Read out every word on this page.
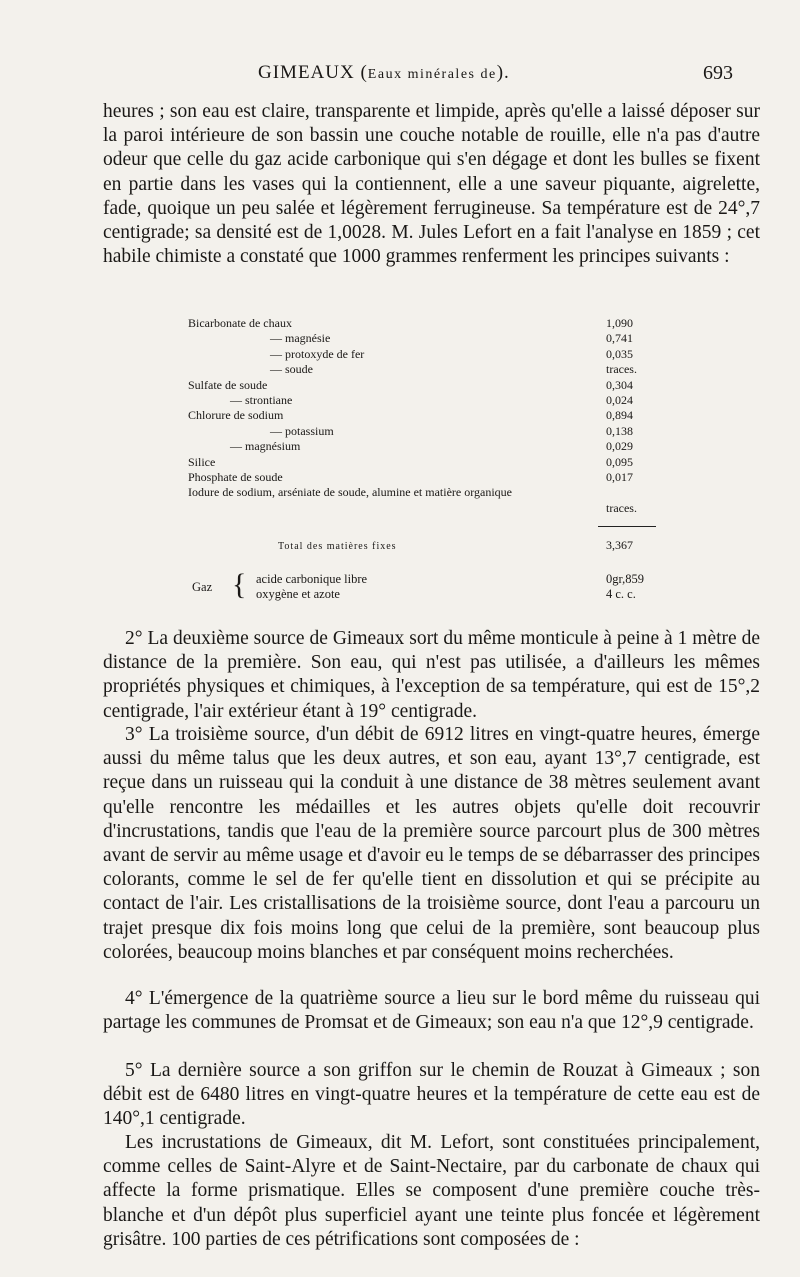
GIMEAUX (Eaux minérales de).	693

heures ; son eau est claire, transparente et limpide, après qu'elle a laissé déposer sur la paroi intérieure de son bassin une couche notable de rouille, elle n'a pas d'autre odeur que celle du gaz acide carbonique qui s'en dégage et dont les bulles se fixent en partie dans les vases qui la contiennent, elle a une saveur piquante, aigrelette, fade, quoique un peu salée et légèrement ferrugineuse. Sa température est de 24°,7 centigrade; sa densité est de 1,0028. M. Jules Lefort en a fait l'analyse en 1859 ; cet habile chimiste a constaté que 1000 grammes renferment les principes suivants :

Bicarbonate de chaux	1,090
— magnésie	0,741
— protoxyde de fer	0,035
— soude	traces.
Sulfate de soude	0,304
— strontiane	0,024
Chlorure de sodium	0,894
— potassium	0,138
— magnésium	0,029
Silice	0,095
Phosphate de soude	0,017
Iodure de sodium, arséniate de soude, alumine et matière organique
traces.
Total des matières fixes	3,367
Gaz { acide carbonique libre	0gr,859
oxygène et azote	4 c. c.

2° La deuxième source de Gimeaux sort du même monticule à peine à 1 mètre de distance de la première. Son eau, qui n'est pas utilisée, a d'ailleurs les mêmes propriétés physiques et chimiques, à l'exception de sa température, qui est de 15°,2 centigrade, l'air extérieur étant à 19° centigrade.

3° La troisième source, d'un débit de 6912 litres en vingt-quatre heures, émerge aussi du même talus que les deux autres, et son eau, ayant 13°,7 centigrade, est reçue dans un ruisseau qui la conduit à une distance de 38 mètres seulement avant qu'elle rencontre les médailles et les autres objets qu'elle doit recouvrir d'incrustations, tandis que l'eau de la première source parcourt plus de 300 mètres avant de servir au même usage et d'avoir eu le temps de se débarrasser des principes colorants, comme le sel de fer qu'elle tient en dissolution et qui se précipite au contact de l'air. Les cristallisations de la troisième source, dont l'eau a parcouru un trajet presque dix fois moins long que celui de la première, sont beaucoup plus colorées, beaucoup moins blanches et par conséquent moins recherchées.

4° L'émergence de la quatrième source a lieu sur le bord même du ruisseau qui partage les communes de Promsat et de Gimeaux; son eau n'a que 12°,9 centigrade.

5° La dernière source a son griffon sur le chemin de Rouzat à Gimeaux ; son débit est de 6480 litres en vingt-quatre heures et la température de cette eau est de 140°,1 centigrade.

Les incrustations de Gimeaux, dit M. Lefort, sont constituées principalement, comme celles de Saint-Alyre et de Saint-Nectaire, par du carbonate de chaux qui affecte la forme prismatique. Elles se composent d'une première couche très-blanche et d'un dépôt plus superficiel ayant une teinte plus foncée et légèrement grisâtre. 100 parties de ces pétrifications sont composées de :
